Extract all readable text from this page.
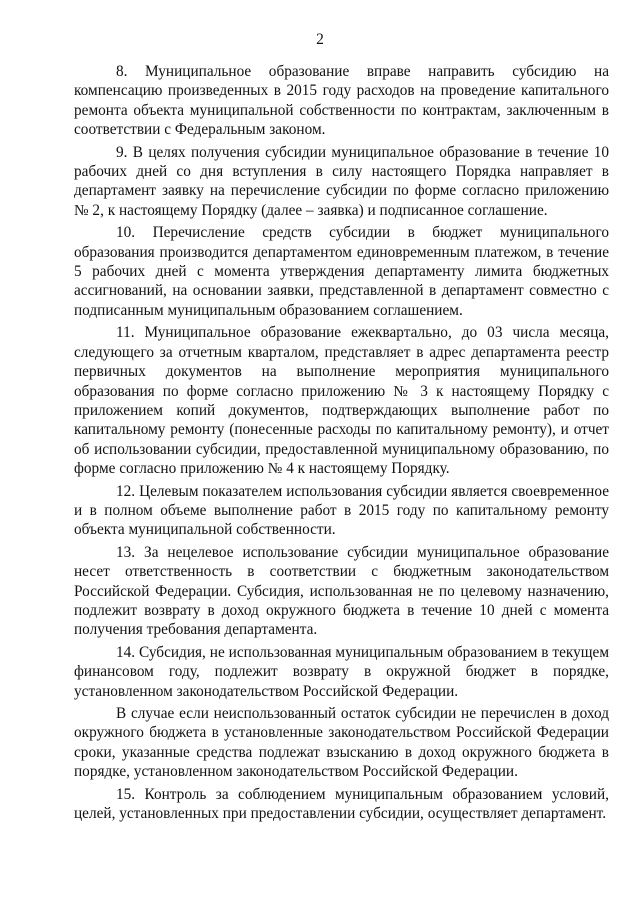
2

8. Муниципальное образование вправе направить субсидию на компенсацию произведенных в 2015 году расходов на проведение капитального ремонта объекта муниципальной собственности по контрактам, заключенным в соответствии с Федеральным законом.

9. В целях получения субсидии муниципальное образование в течение 10 рабочих дней со дня вступления в силу настоящего Порядка направляет в департамент заявку на перечисление субсидии по форме согласно приложению № 2, к настоящему Порядку (далее – заявка) и подписанное соглашение.

10. Перечисление средств субсидии в бюджет муниципального образования производится департаментом единовременным платежом, в течение 5 рабочих дней с момента утверждения департаменту лимита бюджетных ассигнований, на основании заявки, представленной в департамент совместно с подписанным муниципальным образованием соглашением.

11. Муниципальное образование ежеквартально, до 03 числа месяца, следующего за отчетным кварталом, представляет в адрес департамента реестр первичных документов на выполнение мероприятия муниципального образования по форме согласно приложению № 3 к настоящему Порядку с приложением копий документов, подтверждающих выполнение работ по капитальному ремонту (понесенные расходы по капитальному ремонту), и отчет об использовании субсидии, предоставленной муниципальному образованию, по форме согласно приложению № 4 к настоящему Порядку.

12. Целевым показателем использования субсидии является своевременное и в полном объеме выполнение работ в 2015 году по капитальному ремонту объекта муниципальной собственности.

13. За нецелевое использование субсидии муниципальное образование несет ответственность в соответствии с бюджетным законодательством Российской Федерации. Субсидия, использованная не по целевому назначению, подлежит возврату в доход окружного бюджета в течение 10 дней с момента получения требования департамента.

14. Субсидия, не использованная муниципальным образованием в текущем финансовом году, подлежит возврату в окружной бюджет в порядке, установленном законодательством Российской Федерации.

В случае если неиспользованный остаток субсидии не перечислен в доход окружного бюджета в установленные законодательством Российской Федерации сроки, указанные средства подлежат взысканию в доход окружного бюджета в порядке, установленном законодательством Российской Федерации.

15. Контроль за соблюдением муниципальным образованием условий, целей, установленных при предоставлении субсидии, осуществляет департамент.
